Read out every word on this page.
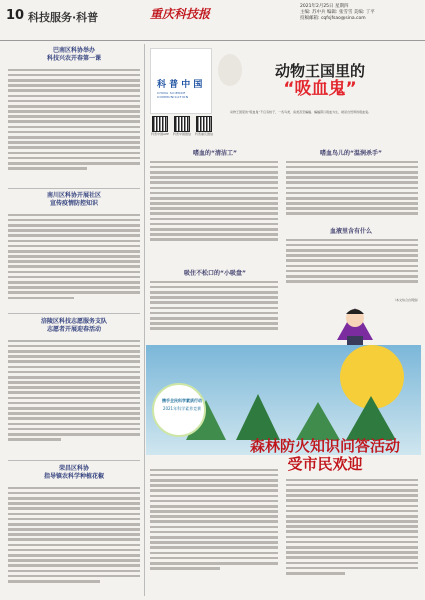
10 科技服务·科普	重庆科技报
2021年2月25日 星期四
主编: 苏中兵 编辑: 张雪雪 美编: 丁平
投稿邮箱: cqfsjfsao@sina.com
巴南区科协举办
科技兴农开春第一课
南川区科协开展社区
宣传疫情防控知识
涪陵区科技志愿服务支队
志愿者开展迎春活动
荣昌区科协
指导镇农科学种植花椒
科 普 中 国
CHINA SCIENCE COMMUNICATION
动物王国里的
“吸血鬼”
动物王国里的“吸血鬼”不仅有蚊子，一些鸟类、鱼类甚至蝙蝠、蝙蝠都以吸血为生，就是自然界的吸血鬼。
科普中国APP	科普中国微信	科普重庆微信
嗜血的“清洁工”
吸住不松口的“小吸盘”
嗜血鸟儿的“温润杀手”
血液里含有什么
（本文综合自网络）
携手全民科学素质行动
2021年科学素养竞赛
森林防火知识问答活动
受市民欢迎
